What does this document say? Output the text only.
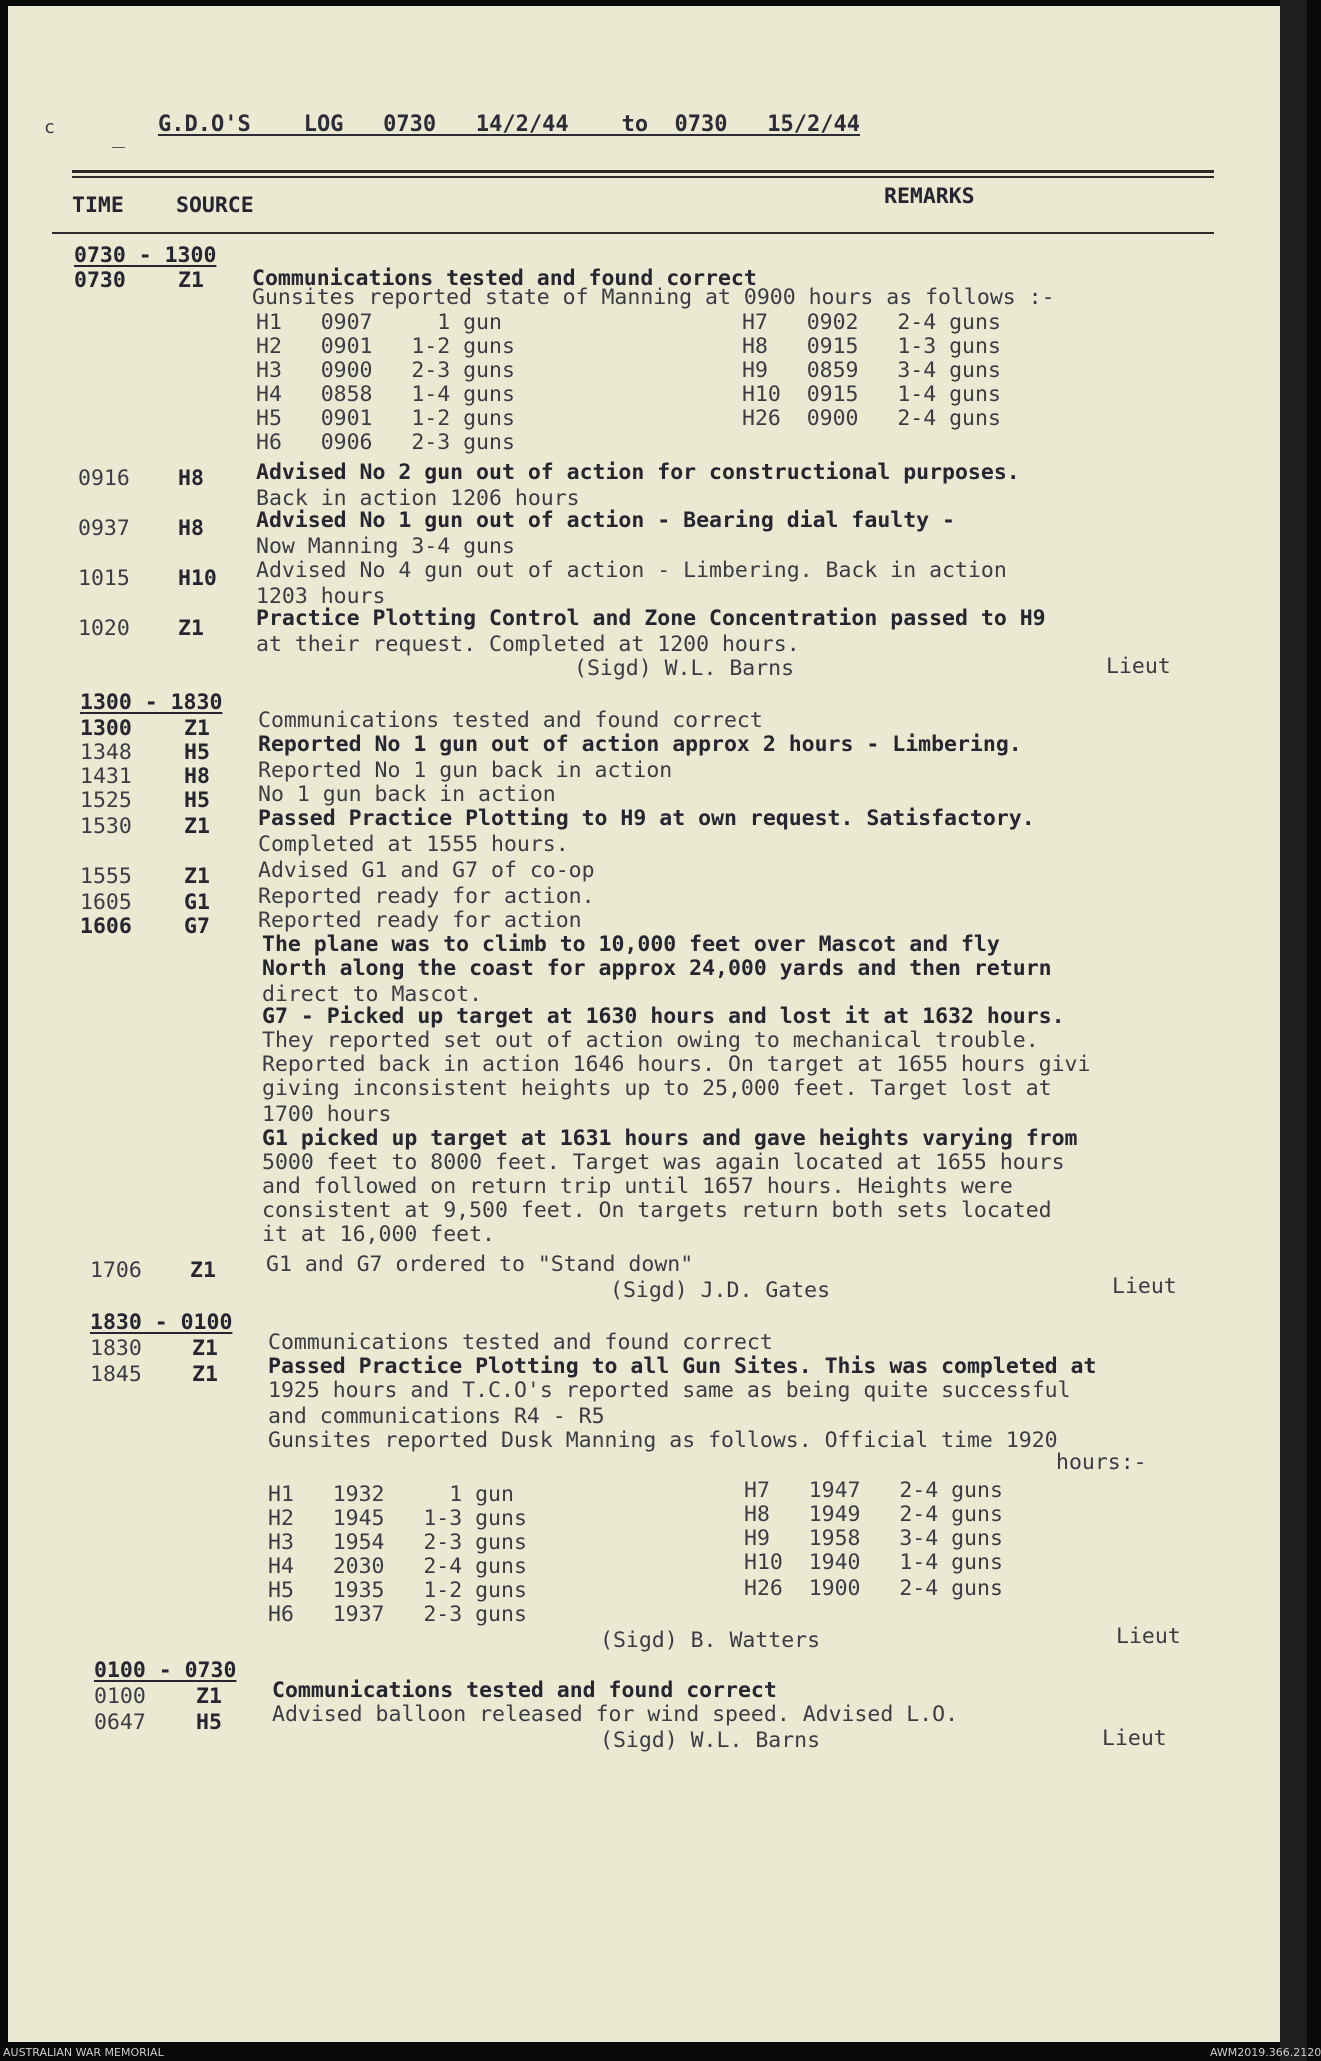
c	G.D.O'S    LOG   0730   14/2/44    to  0730   15/2/44
_
TIME SOURCE	REMARKS
0730 - 1300
0730 Z1 Communications tested and found correct
Gunsites reported state of Manning at 0900 hours as follows :-
H1   0907     1 gun
H2   0901   1-2 guns
H3   0900   2-3 guns
H4   0858   1-4 guns
H5   0901   1-2 guns
H6   0906   2-3 guns
H7   0902   2-4 guns
H8   0915   1-3 guns
H9   0859   3-4 guns
H10  0915   1-4 guns
H26  0900   2-4 guns
0916 H8 Advised No 2 gun out of action for constructional purposes.
Back in action 1206 hours
0937 H8 Advised No 1 gun out of action - Bearing dial faulty -
Now Manning 3-4 guns
1015 H10 Advised No 4 gun out of action - Limbering. Back in action
1203 hours
1020 Z1 Practice Plotting Control and Zone Concentration passed to H9
at their request. Completed at 1200 hours.
(Sigd) W.L. Barns	Lieut
1300 - 1830
1300 Z1 Communications tested and found correct
1348 H5 Reported No 1 gun out of action approx 2 hours - Limbering.
1431 H8 Reported No 1 gun back in action
1525 H5 No 1 gun back in action
1530 Z1 Passed Practice Plotting to H9 at own request. Satisfactory.
Completed at 1555 hours.
1555 Z1 Advised G1 and G7 of co-op
1605 G1 Reported ready for action.
1606 G7 Reported ready for action
The plane was to climb to 10,000 feet over Mascot and fly
North along the coast for approx 24,000 yards and then return
direct to Mascot.
G7 - Picked up target at 1630 hours and lost it at 1632 hours.
They reported set out of action owing to mechanical trouble.
Reported back in action 1646 hours. On target at 1655 hours givi
giving inconsistent heights up to 25,000 feet. Target lost at
1700 hours
G1 picked up target at 1631 hours and gave heights varying from
5000 feet to 8000 feet. Target was again located at 1655 hours
and followed on return trip until 1657 hours. Heights were
consistent at 9,500 feet. On targets return both sets located
it at 16,000 feet.
1706 Z1 G1 and G7 ordered to "Stand down"
(Sigd) J.D. Gates	Lieut
1830 - 0100
1830 Z1 Communications tested and found correct
1845 Z1 Passed Practice Plotting to all Gun Sites. This was completed at
1925 hours and T.C.O's reported same as being quite successful
and communications R4 - R5
Gunsites reported Dusk Manning as follows. Official time 1920
hours:-
H1   1932     1 gun
H2   1945   1-3 guns
H3   1954   2-3 guns
H4   2030   2-4 guns
H5   1935   1-2 guns
H6   1937   2-3 guns
H7   1947   2-4 guns
H8   1949   2-4 guns
H9   1958   3-4 guns
H10  1940   1-4 guns
H26  1900   2-4 guns
(Sigd) B. Watters	Lieut
0100 - 0730
0100 Z1 Communications tested and found correct
0647 H5 Advised balloon released for wind speed. Advised L.O.
(Sigd) W.L. Barns	Lieut
AUSTRALIAN WAR MEMORIAL	AWM2019.366.2120
